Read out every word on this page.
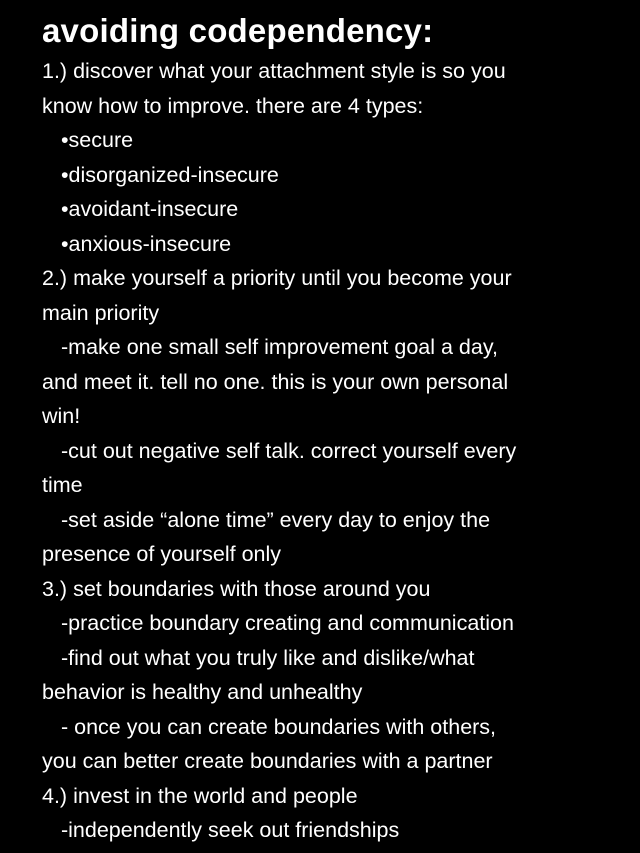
avoiding codependency:
1.) discover what your attachment style is so you
know how to improve. there are 4 types:
•secure
•disorganized-insecure
•avoidant-insecure
•anxious-insecure
2.) make yourself a priority until you become your
main priority
-make one small self improvement goal a day,
and meet it. tell no one. this is your own personal
win!
-cut out negative self talk. correct yourself every
time
-set aside “alone time” every day to enjoy the
presence of yourself only
3.) set boundaries with those around you
-practice boundary creating and communication
-find out what you truly like and dislike/what
behavior is healthy and unhealthy
- once you can create boundaries with others,
you can better create boundaries with a partner
4.) invest in the world and people
-independently seek out friendships
